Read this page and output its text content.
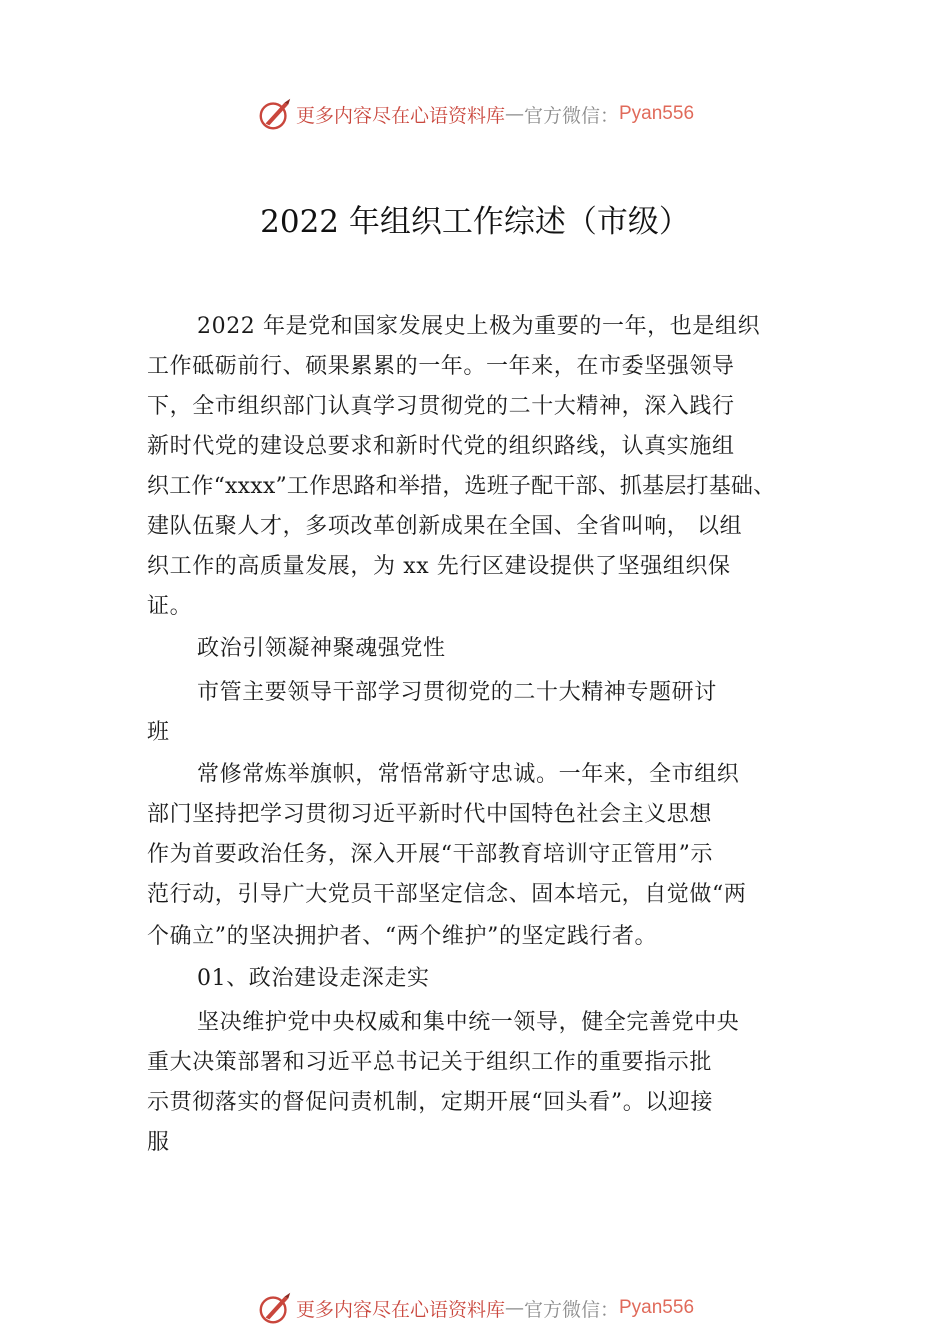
更多内容尽在心语资料库 — 官方微信： Pyan556
2022 年组织工作综述（市级）
2022 年是党和国家发展史上极为重要的一年，也是组织
工作砥砺前行、硕果累累的一年。一年来，在市委坚强领导
下，全市组织部门认真学习贯彻党的二十大精神，深入践行
新时代党的建设总要求和新时代党的组织路线，认真实施组
织工作“xxxx”工作思路和举措，选班子配干部、抓基层打基础、
建队伍聚人才，多项改革创新成果在全国、全省叫响， 以组
织工作的高质量发展，为 xx 先行区建设提供了坚强组织保
证。
政治引领凝神聚魂强党性
市管主要领导干部学习贯彻党的二十大精神专题研讨
班
常修常炼举旗帜，常悟常新守忠诚。一年来，全市组织
部门坚持把学习贯彻习近平新时代中国特色社会主义思想
作为首要政治任务，深入开展“干部教育培训守正管用”示
范行动，引导广大党员干部坚定信念、固本培元，自觉做“两
个确立”的坚决拥护者、“两个维护”的坚定践行者。
01、政治建设走深走实
坚决维护党中央权威和集中统一领导，健全完善党中央
重大决策部署和习近平总书记关于组织工作的重要指示批
示贯彻落实的督促问责机制，定期开展“回头看”。以迎接
服
更多内容尽在心语资料库 — 官方微信： Pyan556
